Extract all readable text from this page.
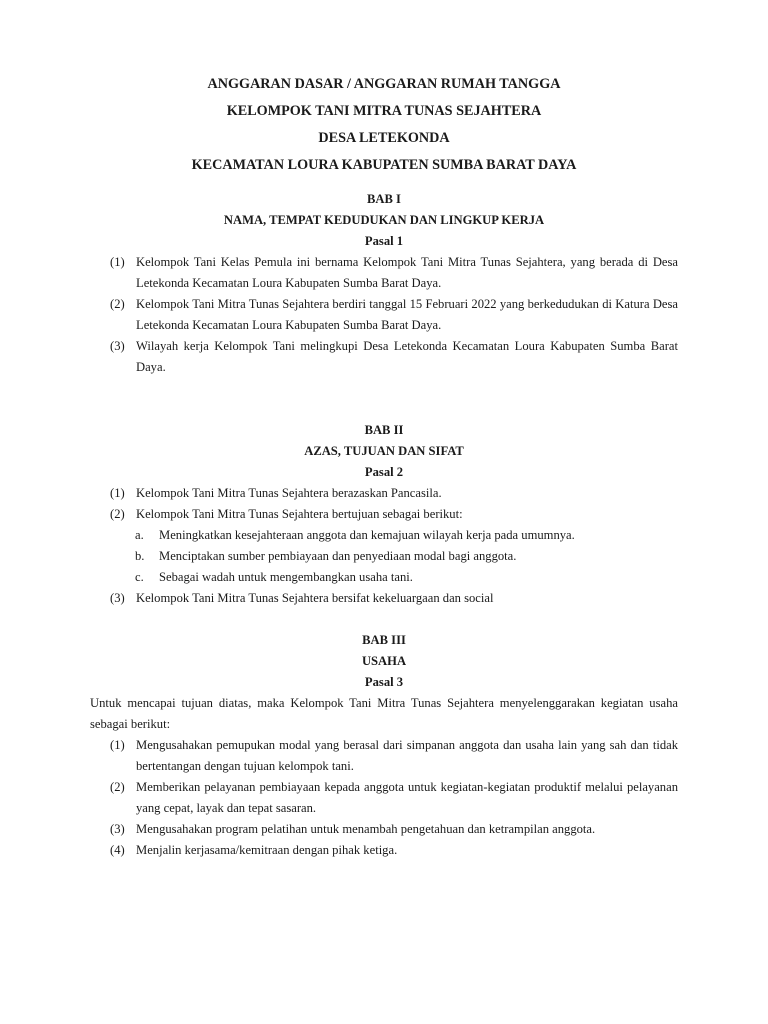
ANGGARAN DASAR / ANGGARAN RUMAH TANGGA
KELOMPOK TANI MITRA TUNAS SEJAHTERA
DESA LETEKONDA
KECAMATAN LOURA KABUPATEN SUMBA BARAT DAYA
BAB I
NAMA, TEMPAT KEDUDUKAN DAN LINGKUP KERJA
Pasal 1
(1) Kelompok Tani Kelas Pemula ini bernama Kelompok Tani Mitra Tunas Sejahtera, yang berada di Desa Letekonda Kecamatan Loura Kabupaten Sumba Barat Daya.
(2) Kelompok Tani Mitra Tunas Sejahtera berdiri tanggal 15 Februari 2022 yang berkedudukan di Katura Desa Letekonda Kecamatan Loura Kabupaten Sumba Barat Daya.
(3) Wilayah kerja Kelompok Tani melingkupi Desa Letekonda Kecamatan Loura Kabupaten Sumba Barat Daya.
BAB II
AZAS, TUJUAN DAN SIFAT
Pasal 2
(1) Kelompok Tani Mitra Tunas Sejahtera berazaskan Pancasila.
(2) Kelompok Tani Mitra Tunas Sejahtera bertujuan sebagai berikut:
a.	Meningkatkan kesejahteraan anggota dan kemajuan wilayah kerja pada umumnya.
b.	Menciptakan sumber pembiayaan dan penyediaan modal bagi anggota.
c.	Sebagai wadah untuk mengembangkan usaha tani.
(3) Kelompok Tani Mitra Tunas Sejahtera bersifat kekeluargaan dan social
BAB III
USAHA
Pasal 3
Untuk mencapai tujuan diatas, maka Kelompok Tani Mitra Tunas Sejahtera menyelenggarakan kegiatan usaha sebagai berikut:
(1) Mengusahakan pemupukan modal yang berasal dari simpanan anggota dan usaha lain yang sah dan tidak bertentangan dengan tujuan kelompok tani.
(2) Memberikan pelayanan pembiayaan kepada anggota untuk kegiatan-kegiatan produktif melalui pelayanan yang cepat, layak dan tepat sasaran.
(3) Mengusahakan program pelatihan untuk menambah pengetahuan dan ketrampilan anggota.
(4) Menjalin kerjasama/kemitraan dengan pihak ketiga.
